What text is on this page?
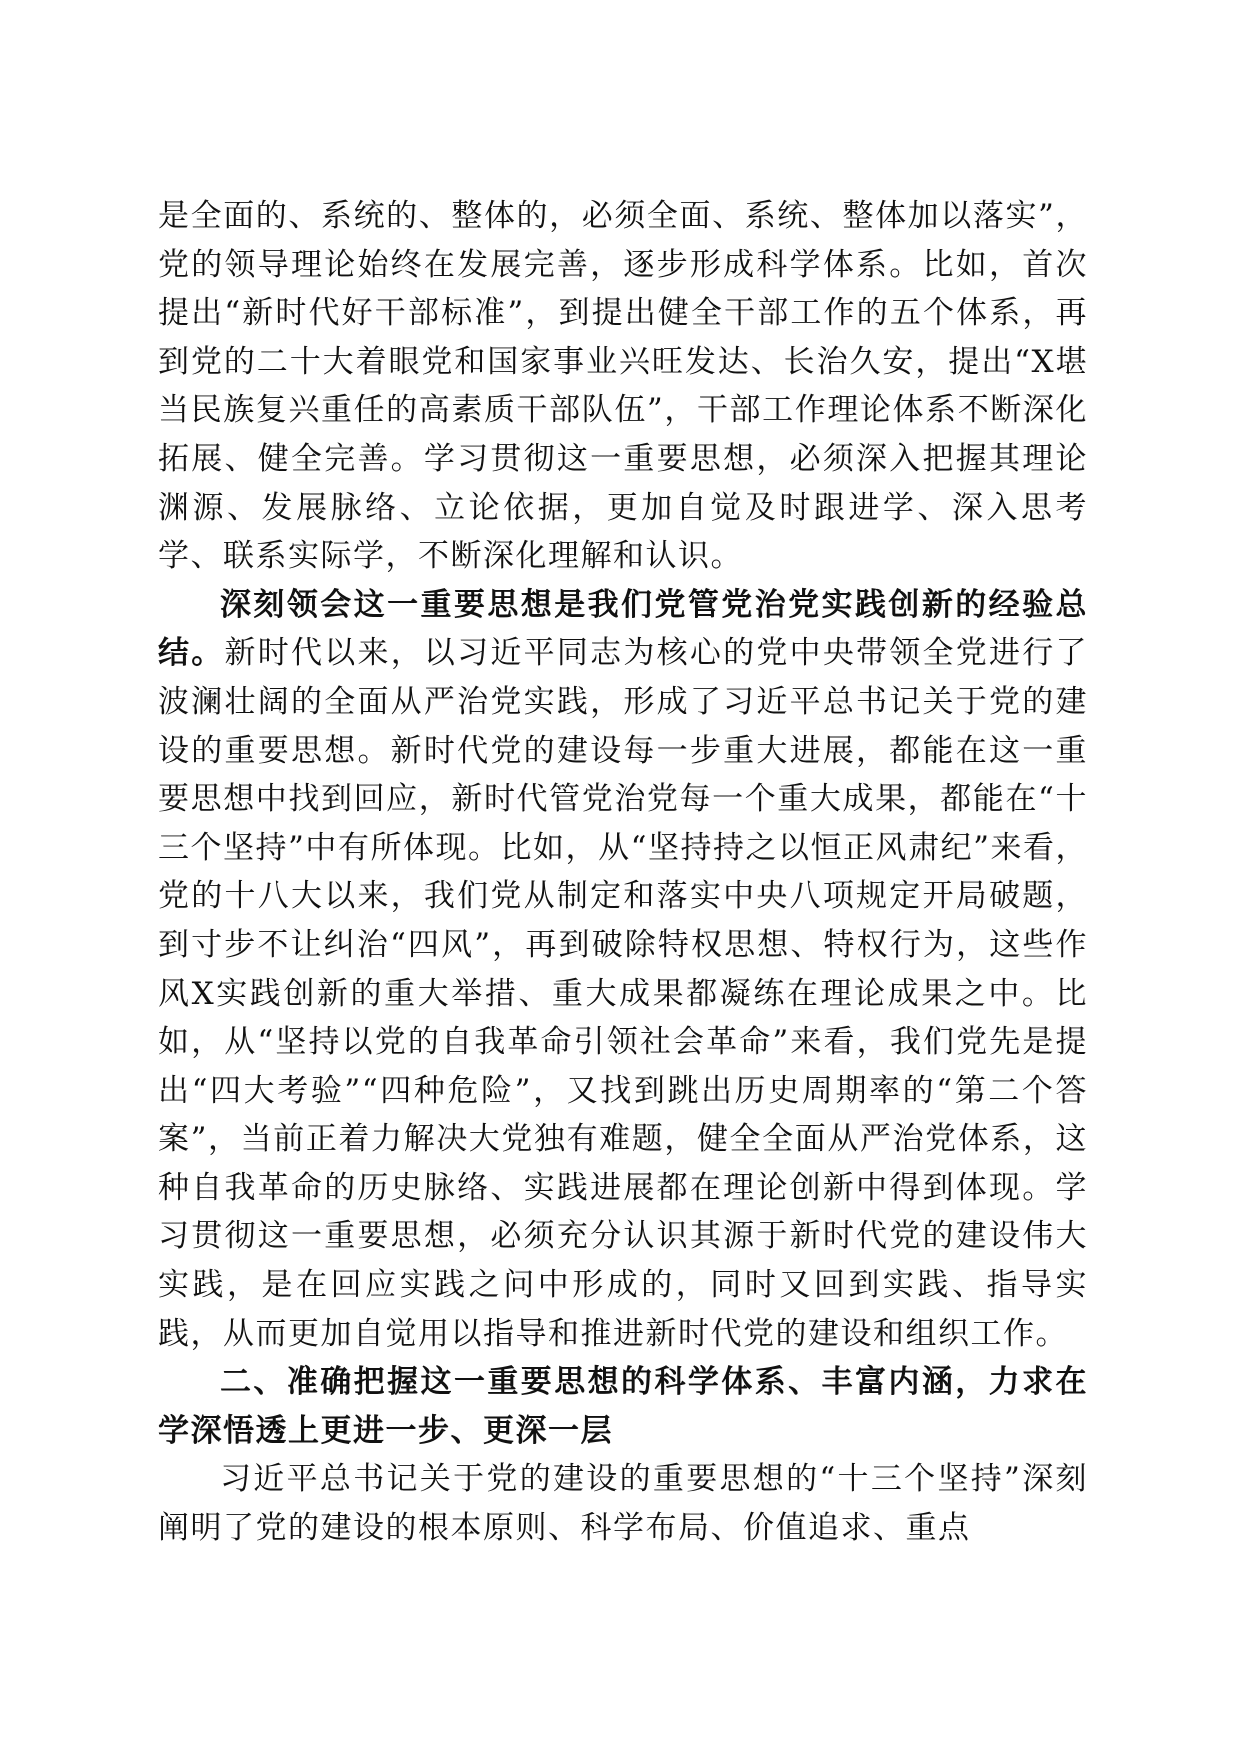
是全面的、系统的、整体的，必须全面、系统、整体加以落实”，党的领导理论始终在发展完善，逐步形成科学体系。比如，首次提出“新时代好干部标准”，到提出健全干部工作的五个体系，再到党的二十大着眼党和国家事业兴旺发达、长治久安，提出“X堪当民族复兴重任的高素质干部队伍”，干部工作理论体系不断深化拓展、健全完善。学习贯彻这一重要思想，必须深入把握其理论渊源、发展脉络、立论依据，更加自觉及时跟进学、深入思考学、联系实际学，不断深化理解和认识。

深刻领会这一重要思想是我们党管党治党实践创新的经验总结。新时代以来，以习近平同志为核心的党中央带领全党进行了波澜壮阔的全面从严治党实践，形成了习近平总书记关于党的建设的重要思想。新时代党的建设每一步重大进展，都能在这一重要思想中找到回应，新时代管党治党每一个重大成果，都能在“十三个坚持”中有所体现。比如，从“坚持持之以恒正风肃纪”来看，党的十八大以来，我们党从制定和落实中央八项规定开局破题，到寸步不让纠治“四风”，再到破除特权思想、特权行为，这些作风X实践创新的重大举措、重大成果都凝练在理论成果之中。比如，从“坚持以党的自我革命引领社会革命”来看，我们党先是提出“四大考验”“四种危险”，又找到跳出历史周期率的“第二个答案”，当前正着力解决大党独有难题，健全全面从严治党体系，这种自我革命的历史脉络、实践进展都在理论创新中得到体现。学习贯彻这一重要思想，必须充分认识其源于新时代党的建设伟大实践，是在回应实践之问中形成的，同时又回到实践、指导实践，从而更加自觉用以指导和推进新时代党的建设和组织工作。

二、准确把握这一重要思想的科学体系、丰富内涵，力求在学深悟透上更进一步、更深一层

习近平总书记关于党的建设的重要思想的“十三个坚持”深刻阐明了党的建设的根本原则、科学布局、价值追求、重点
